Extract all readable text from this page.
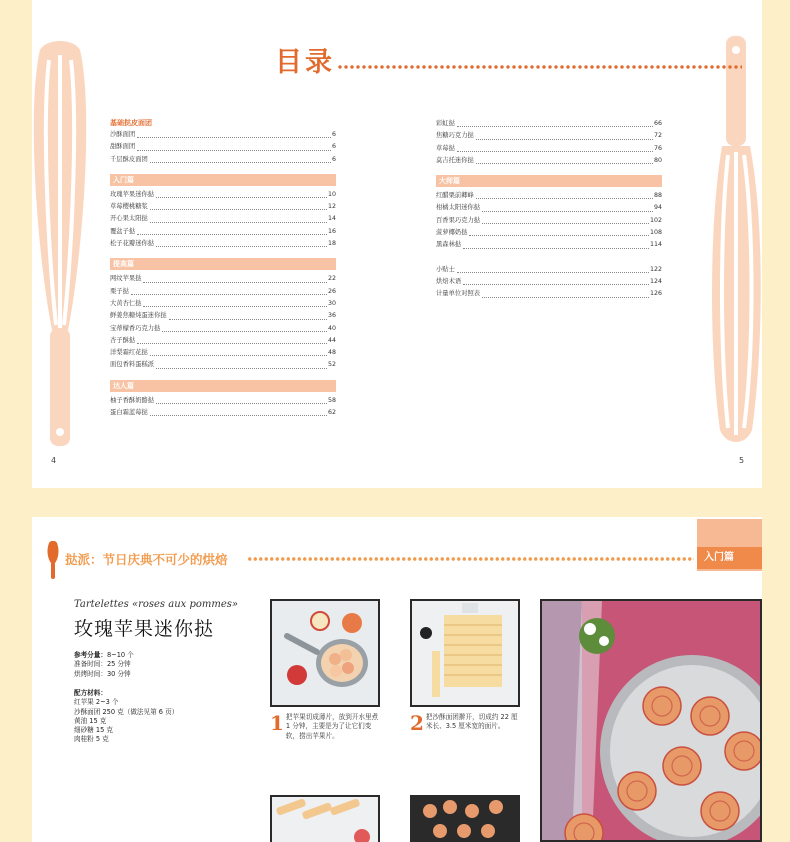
目录
基础挞皮面团
沙酥面团	6
甜酥面团	6
千层酥皮面团	6
入门篇
玫瑰苹果迷你挞	10
草莓樱桃糖浆	12
开心果太阳挞	14
覆盆子挞	16
松子花瓣迷你挞	18
提高篇
网纹苹果挞	22
栗子挞	26
大黄杏仁挞	30
鲜姜焦糖炖蛋迷你挞	36
宝蒂檬香巧克力挞	40
杏子酥挞	44
洋梨霜红花挞	48
面包香料蛋糕派	52
达人篇
柚子香酥奶酪挞	58
蛋白霜蓝莓挞	62
彩虹挞	66
焦糖巧克力挞	72
草莓挞	76
莫吉托迷你挞	80
大师篇
红醋栗前卿峰	88
柑橘太阳迷你挞	94
百香果巧克力挞	102
菠萝椰奶挞	108
黑森林挞	114
小贴士	122
烘焙术语	124
计量单位对照表	126
4	5
挞派：节日庆典不可少的烘焙	入门篇
Tartelettes «roses aux pommes»
玫瑰苹果迷你挞
参考分量：8~10 个
准备时间：25 分钟
烘烤时间：30 分钟
配方材料：
红苹果 2~3 个
沙酥面团 250 克（做法见第 6 页）
黄油 15 克
细砂糖 15 克
肉桂粉 5 克
1 把苹果切成薄片，放到开水里煮 1 分钟，主要是为了让它们变软，捞出苹果片。
2 把沙酥面团擀开，切成约 22 厘米长、3.5 厘米宽的面片。
